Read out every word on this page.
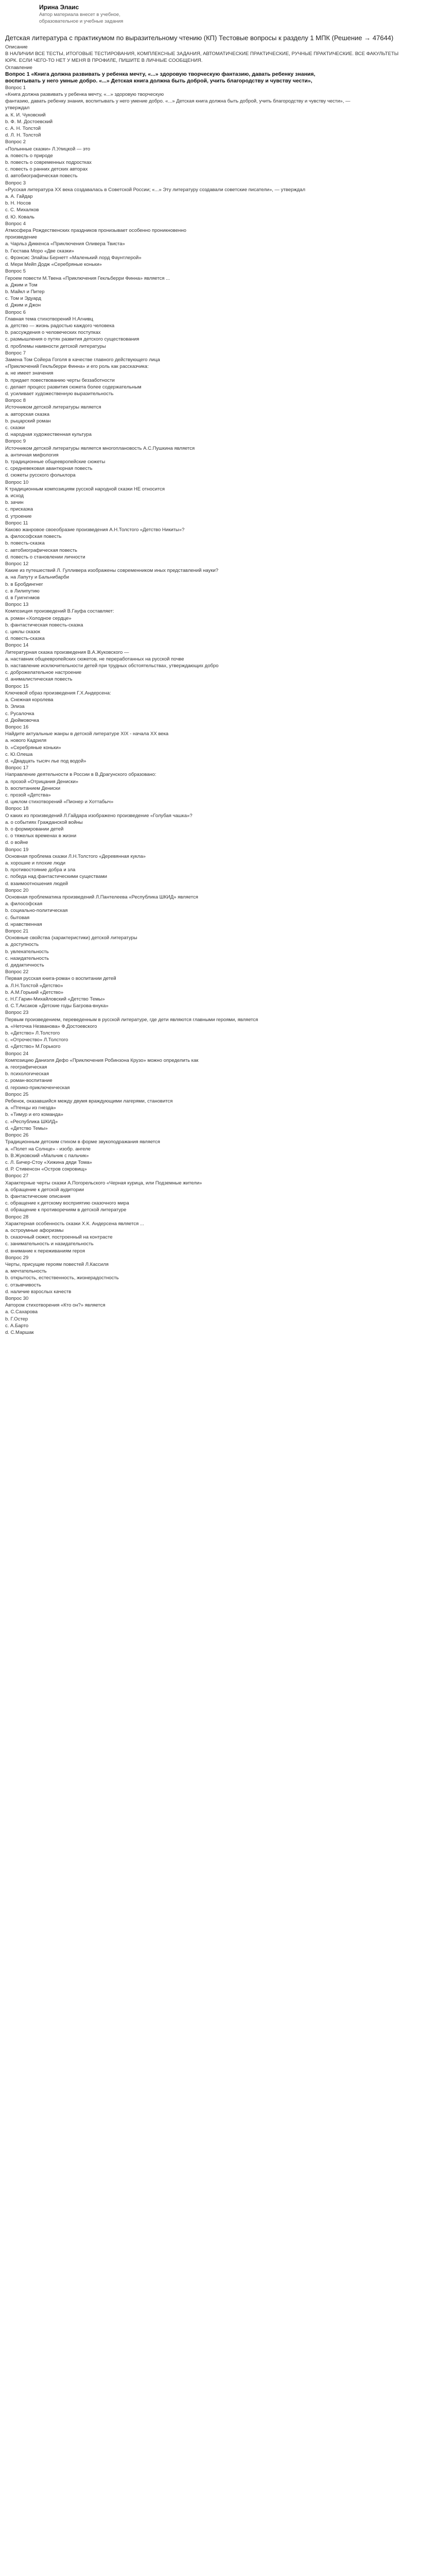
Ирина Элаис
Автор материала внесет в учебное, образовательное и учебные задания
Детская литература с практикумом по выразительному чтению (КП) Тестовые вопросы к разделу 1 МПК (Решение → 47644)
Описание
В НАЛИЧИИ ВСЕ ТЕСТЫ, ИТОГОВЫЕ ТЕСТИРОВАНИЯ, КОМПЛЕКСНЫЕ ЗАДАНИЯ, АВТОМАТИЧЕСКИЕ ПРАКТИЧЕСКИЕ, РУЧНЫЕ ПРАКТИЧЕСКИЕ. ВСЕ ФАКУЛЬТЕТЫ
ЮРК. ЕСЛИ ЧЕГО-ТО НЕТ У МЕНЯ В ПРОФИЛЕ, ПИШИТЕ В ЛИЧНЫЕ СООБЩЕНИЯ.
Оглавление
Вопрос 1 «Книга должна развивать у ребенка мечту, «...» здоровую творческую фантазию, давать ребенку знания,
воспитывать у него умные добро. «...» Детская книга должна быть доброй, учить благородству и чувству чести»,
Вопрос 1
«Книга должна развивать у ребенка мечту, «...» здоровую творческую
фантазию, давать ребенку знания, воспитывать у него умение добро. «...» Детская книга должна быть доброй, учить благородству и чувству чести», —
утверждал
а. К. И. Чуковский
b. Ф. М. Достоевский
c. А. Н. Толстой
d. Л. Н. Толстой
Вопрос 2
«Полынные сказки» Л.Улицкой — это
а. повесть о природе
b. повесть о современных подростках
c. повесть о ранних детских авторах
d. автобиографическая повесть
Вопрос 3
«Русская литература XX века создавалась в Советской России; «...» Эту литературу создавали советские писатели», — утверждал
а. А. Гайдар
b. Н. Носов
c. С. Михалков
d. Ю. Коваль
Вопрос 4
Атмосфера Рождественских праздников пронизывает особенно проникновенно
произведение
а. Чарльз Диккенса «Приключения Оливера Твиста»
b. Гюстава Моро «Две сказки»
c. Фрэнсис Элайзы Бернетт «Маленький лорд Фаунтлерой»
d. Мери Мейп Додж «Серебряные коньки»
Вопрос 5
Героем повести М.Твена «Приключения Гекльберри Финна» является ...
а. Джим и Том
b. Майкл и Питер
c. Том и Эдуард
d. Джим и Джон
Вопрос 6
Главная тема стихотворений Н.Агнивц
а. детство — жизнь радостью каждого человека
b. рассуждения о человеческих поступках
c. размышления о путях развития детского существования
d. проблемы наивности детской литературы
Вопрос 7
Замена Том Сойера Гоголя в качестве главного действующего лица
«Приключений Гекльберри Финна» и его роль как рассказчика:
а. не имеет значения
b. придает повествованию черты беззаботности
c. делает процесс развития сюжета более содержательным
d. усиливает художественную выразительность
Вопрос 8
Источником детской литературы является
а. авторская сказка
b. рыцарский роман
c. сказки
d. народная художественная культура
Вопрос 9
Источником детской литературы является многоплановость А.С.Пушкина является
а. античная мифология
b. традиционные общеевропейские сюжеты
c. средневековая авантюрная повесть
d. сюжеты русского фольклора
Вопрос 10
К традиционным композициям русской народной сказки НЕ относится
а. исход
b. зачин
c. присказка
d. утроение
Вопрос 11
Каково жанровое своеобразие произведения А.Н.Толстого «Детство Никиты»?
а. философская повесть
b. повесть-сказка
c. автобиографическая повесть
d. повесть о становлении личности
Вопрос 12
Какие из путешествий Л. Гулливера изображены современником иных представлений науки?
а. на Лапуту и Бальнибарби
b. в Бробдингнег
c. в Лилипутию
d. в Гуигнгнмов
Вопрос 13
Композиция произведений В.Гауфа составляет:
а. роман «Холодное сердце»
b. фантастическая повесть-сказка
c. циклы сказок
d. повесть-сказка
Вопрос 14
Литературная сказка произведения В.А.Жуковского —
а. наставник общеевропейских сюжетов, не переработанных на русской почве
b. наставление исключительности детей при трудных обстоятельствах, утверждающих добро
c. доброжелательное настроение
d. анималистическая повесть
Вопрос 15
Ключевой образ произведения Г.Х.Андерсена:
а. Снежная королева
b. Элиза
c. Русалочка
d. Дюймовочка
Вопрос 16
Найдите актуальные жанры в детской литературе XIX - начала XX века
а. нового Кадриля
b. «Серебряные коньки»
c. Ю.Олеша
d. «Двадцать тысяч лье под водой»
Вопрос 17
Направление деятельности в России в В.Драгунского образовано:
а. прозой «Отрицания Дениски»
b. воспитанием Дениски
c. прозой «Детства»
d. циклом стихотворений «Пионер и Хоттабыч»
Вопрос 18
О каких из произведений Л.Гайдара изображено произведение «Голубая чашка»?
а. о событиях Гражданской войны
b. о формировании детей
c. о тяжелых временах в жизни
d. о войне
Вопрос 19
Основная проблема сказки Л.Н.Толстого «Деревянная кукла»
а. хорошие и плохие люди
b. противостояние добра и зла
c. победа над фантастическими существами
d. взаимоотношения людей
Вопрос 20
Основная проблематика произведений Л.Пантелеева «Республика ШКИД» является
а. философская
b. социально-политическая
c. бытовая
d. нравственная
Вопрос 21
Основные свойства (характеристики) детской литературы
а. доступность
b. увлекательность
c. назидательность
d. дидактичность
Вопрос 22
Первая русская книга-роман о воспитании детей
а. Л.Н.Толстой «Детство»
b. А.М.Горький «Детство»
c. Н.Г.Гарин-Михайловский «Детство Темы»
d. С.Т.Аксаков «Детские годы Багрова-внука»
Вопрос 23
Первым произведением, переведенным в русской литературе, где дети являются главными героями, является
а. «Неточка Незванова» Ф.Достоевского
b. «Детство» Л.Толстого
c. «Отрочество» Л.Толстого
d. «Детство» М.Горького
Вопрос 24
Композицию Даниэля Дефо «Приключения Робинзона Крузо» можно определить как
а. географическая
b. психологическая
c. роман-воспитание
d. героико-приключенческая
Вопрос 25
Ребенок, оказавшийся между двумя враждующими лагерями, становится
а. «Птенцы из гнезда»
b. «Тимур и его команда»
c. «Республика ШКИД»
d. «Детство Темы»
Вопрос 26
Традиционным детским стихом в форме звукоподражания является
а. «Полет на Солнце» - изобр. ангеле
b. В.Жуковский «Мальчик с пальчик»
c. Л. Бичер-Стоу «Хижина дяди Тома»
d. Р. Стивенсон «Остров сокровищ»
Вопрос 27
Характерные черты сказки А.Погорельского «Черная курица, или Подземные жители»
а. обращение к детской аудитории
b. фантастические описания
c. обращение к детскому восприятию сказочного мира
d. обращение к противоречиям в детской литературе
Вопрос 28
Характерная особенность сказки Х.К. Андерсена является ...
а. остроумные афоризмы
b. сказочный сюжет, построенный на контрасте
c. занимательность и назидательность
d. внимание к переживаниям героя
Вопрос 29
Черты, присущие героям повестей Л.Кассиля
а. мечтательность
b. открытость, естественность, жизнерадостность
c. отзывчивость
d. наличие взрослых качеств
Вопрос 30
Автором стихотворения «Кто он?» является
а. С.Сахарова
b. Г.Остер
c. А.Барто
d. С.Маршак
